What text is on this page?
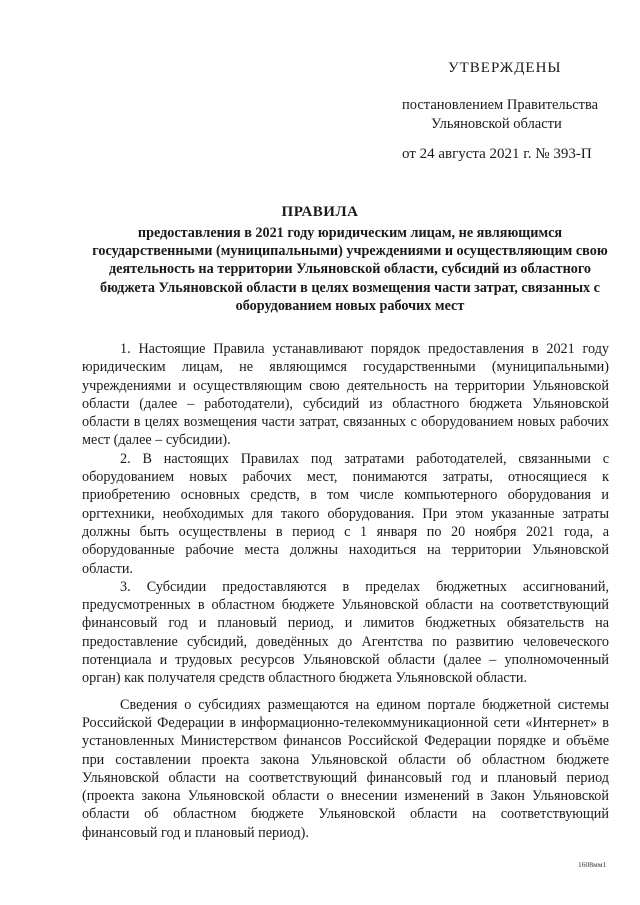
УТВЕРЖДЕНЫ
постановлением Правительства
Ульяновской области
от 24 августа 2021 г. № 393-П
ПРАВИЛА
предоставления в 2021 году юридическим лицам, не являющимся государственными (муниципальными) учреждениями и осуществляющим свою деятельность на территории Ульяновской области, субсидий из областного бюджета Ульяновской области в целях возмещения части затрат, связанных с оборудованием новых рабочих мест

1. Настоящие Правила устанавливают порядок предоставления в 2021 году юридическим лицам, не являющимся государственными (муниципальными) учреждениями и осуществляющим свою деятельность на территории Ульяновской области (далее – работодатели), субсидий из областного бюджета Ульяновской области в целях возмещения части затрат, связанных с оборудованием новых рабочих мест (далее – субсидии).

2. В настоящих Правилах под затратами работодателей, связанными с оборудованием новых рабочих мест, понимаются затраты, относящиеся к приобретению основных средств, в том числе компьютерного оборудования и оргтехники, необходимых для такого оборудования. При этом указанные затраты должны быть осуществлены в период с 1 января по 20 ноября 2021 года, а оборудованные рабочие места должны находиться на территории Ульяновской области.

3. Субсидии предоставляются в пределах бюджетных ассигнований, предусмотренных в областном бюджете Ульяновской области на соответствующий финансовый год и плановый период, и лимитов бюджетных обязательств на предоставление субсидий, доведённых до Агентства по развитию человеческого потенциала и трудовых ресурсов Ульяновской области (далее – уполномоченный орган) как получателя средств областного бюджета Ульяновской области.

Сведения о субсидиях размещаются на едином портале бюджетной системы Российской Федерации в информационно-телекоммуникационной сети «Интернет» в установленных Министерством финансов Российской Федерации порядке и объёме при составлении проекта закона Ульяновской области об областном бюджете Ульяновской области на соответствующий финансовый год и плановый период (проекта закона Ульяновской области о внесении изменений в Закон Ульяновской области об областном бюджете Ульяновской области на соответствующий финансовый год и плановый период).

1608мм1
